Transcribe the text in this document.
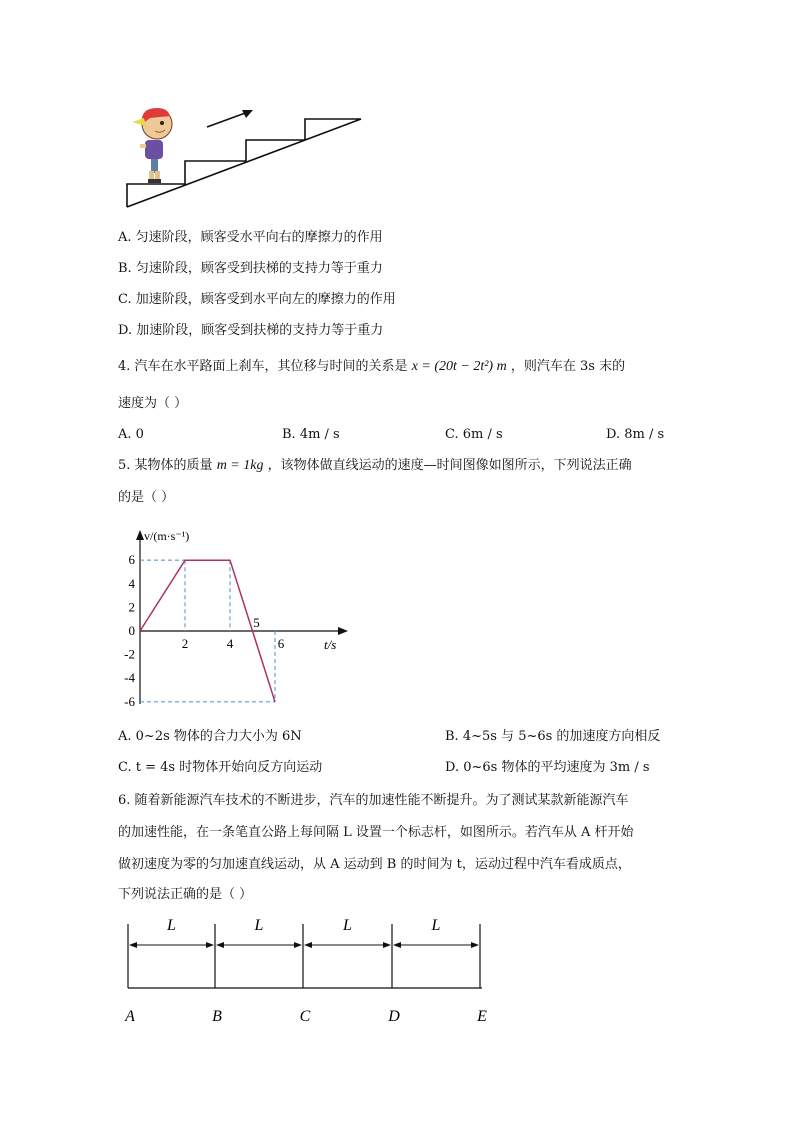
A. 匀速阶段，顾客受水平向右的摩擦力的作用
B. 匀速阶段，顾客受到扶梯的支持力等于重力
C. 加速阶段，顾客受到水平向左的摩擦力的作用
D. 加速阶段，顾客受到扶梯的支持力等于重力
4. 汽车在水平路面上刹车，其位移与时间的关系是 x = (20t − 2t²) m ，则汽车在 3s 末的
速度为（ ）
A. 0	B. 4m / s	C. 6m / s	D. 8m / s
5. 某物体的质量 m = 1kg ，该物体做直线运动的速度—时间图像如图所示，下列说法正确
的是（ ）
v/(m·s⁻¹)
t/s
6
4
2
0
-2
-4
-6
2	4	6
5
A. 0~2s 物体的合力大小为 6N	B. 4~5s 与 5~6s 的加速度方向相反
C. t = 4s 时物体开始向反方向运动	D. 0~6s 物体的平均速度为 3m / s
6. 随着新能源汽车技术的不断进步，汽车的加速性能不断提升。为了测试某款新能源汽车
的加速性能，在一条笔直公路上每间隔 L 设置一个标志杆，如图所示。若汽车从 A 杆开始
做初速度为零的匀加速直线运动，从 A 运动到 B 的时间为 t，运动过程中汽车看成质点，
下列说法正确的是（ ）
A	B	C	D	E
L	L	L	L
